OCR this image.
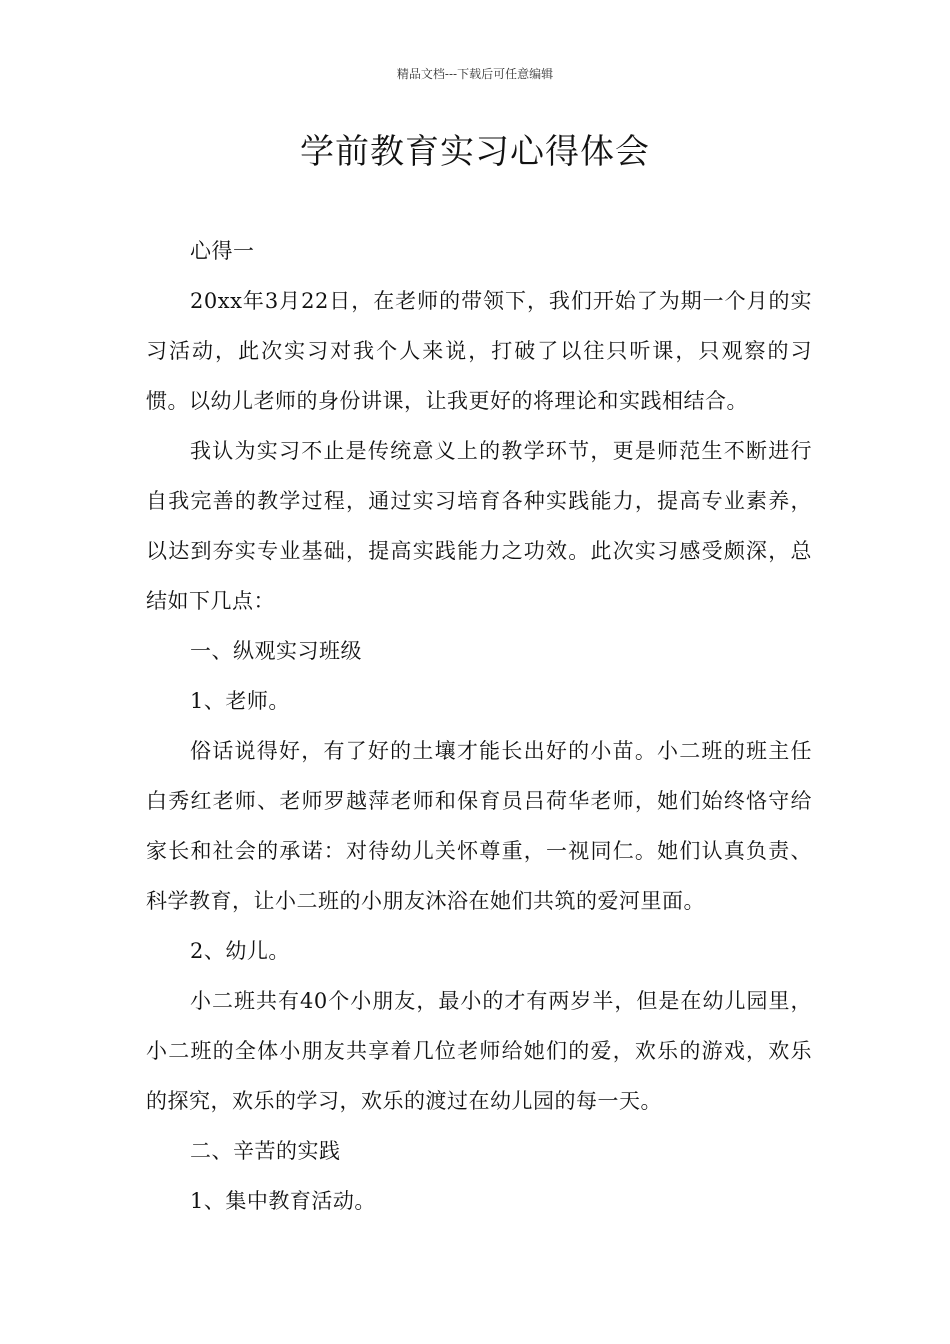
精品文档---下载后可任意编辑
学前教育实习心得体会

心得一

20xx年3月22日，在老师的带领下，我们开始了为期一个月的实习活动，此次实习对我个人来说，打破了以往只听课，只观察的习惯。以幼儿老师的身份讲课，让我更好的将理论和实践相结合。

我认为实习不止是传统意义上的教学环节，更是师范生不断进行自我完善的教学过程，通过实习培育各种实践能力，提高专业素养，以达到夯实专业基础，提高实践能力之功效。此次实习感受颇深，总结如下几点：

一、纵观实习班级

1、老师。

俗话说得好，有了好的土壤才能长出好的小苗。小二班的班主任白秀红老师、老师罗越萍老师和保育员吕荷华老师，她们始终恪守给家长和社会的承诺：对待幼儿关怀尊重，一视同仁。她们认真负责、科学教育，让小二班的小朋友沐浴在她们共筑的爱河里面。

2、幼儿。

小二班共有40个小朋友，最小的才有两岁半，但是在幼儿园里，小二班的全体小朋友共享着几位老师给她们的爱，欢乐的游戏，欢乐的探究，欢乐的学习，欢乐的渡过在幼儿园的每一天。

二、辛苦的实践

1、集中教育活动。
